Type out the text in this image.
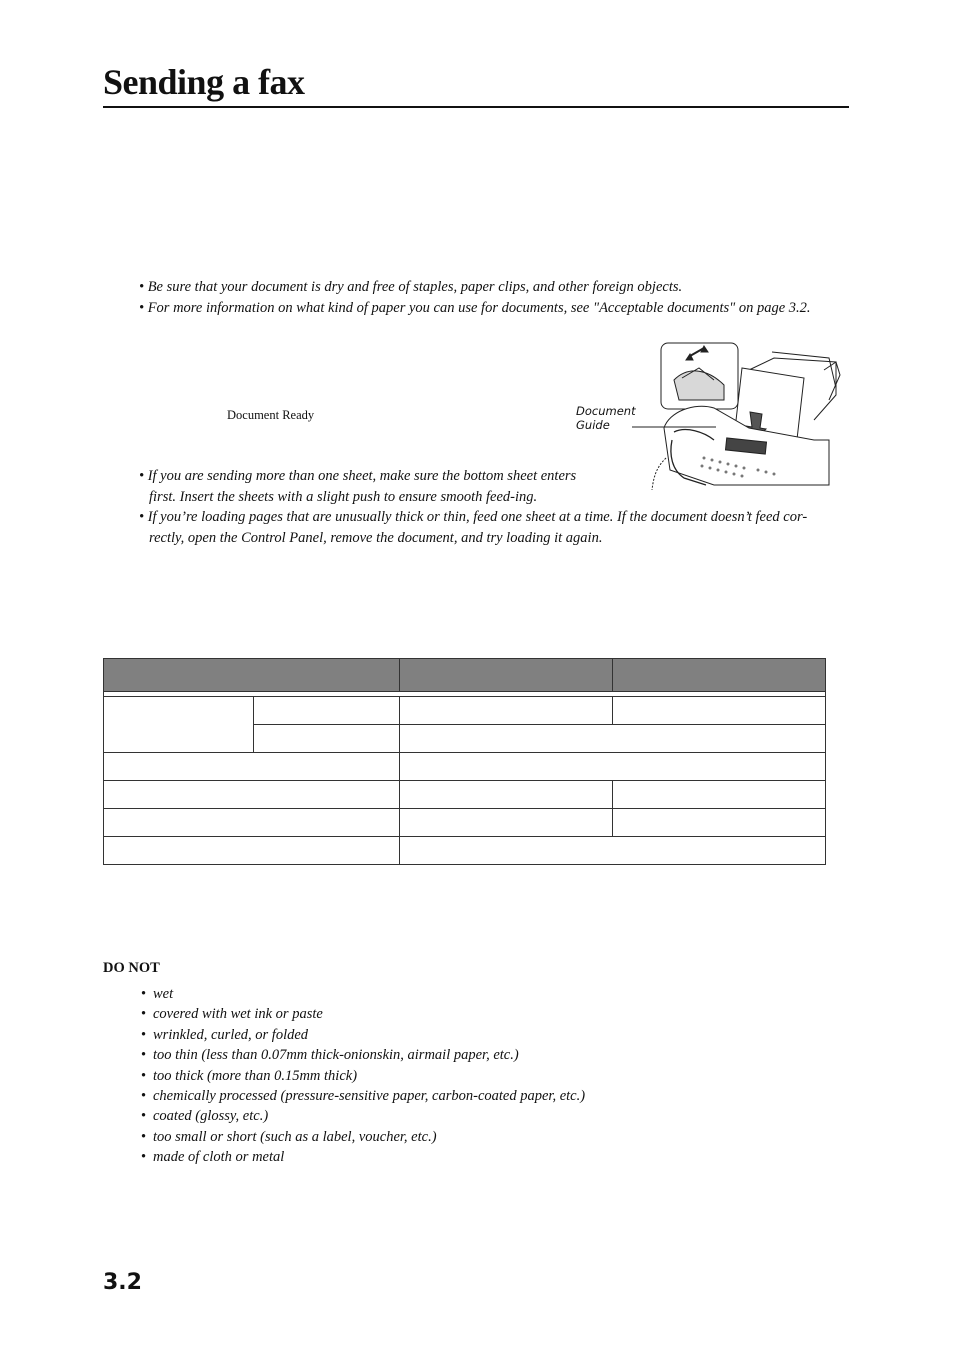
Sending a fax

• Be sure that your document is dry and free of staples, paper clips, and other foreign objects.

• For more information on what kind of paper you can use for documents, see "Acceptable documents" on page 3.2.

Document Ready	Document
Guide

• If you are sending more than one sheet, make sure the bottom sheet enters first. Insert the sheets with a slight push to ensure smooth feed-ing.

• If you’re loading pages that are unusually thick or thin, feed one sheet at a time. If the document doesn’t feed cor-rectly, open the Control Panel, remove the document, and try loading it again.

DO NOT

• wet
• covered with wet ink or paste
• wrinkled, curled, or folded
• too thin (less than 0.07mm thick-onionskin, airmail paper, etc.)
• too thick (more than 0.15mm thick)
• chemically processed (pressure-sensitive paper, carbon-coated paper, etc.)
• coated (glossy, etc.)
• too small or short (such as a label, voucher, etc.)
• made of cloth or metal
3.2
